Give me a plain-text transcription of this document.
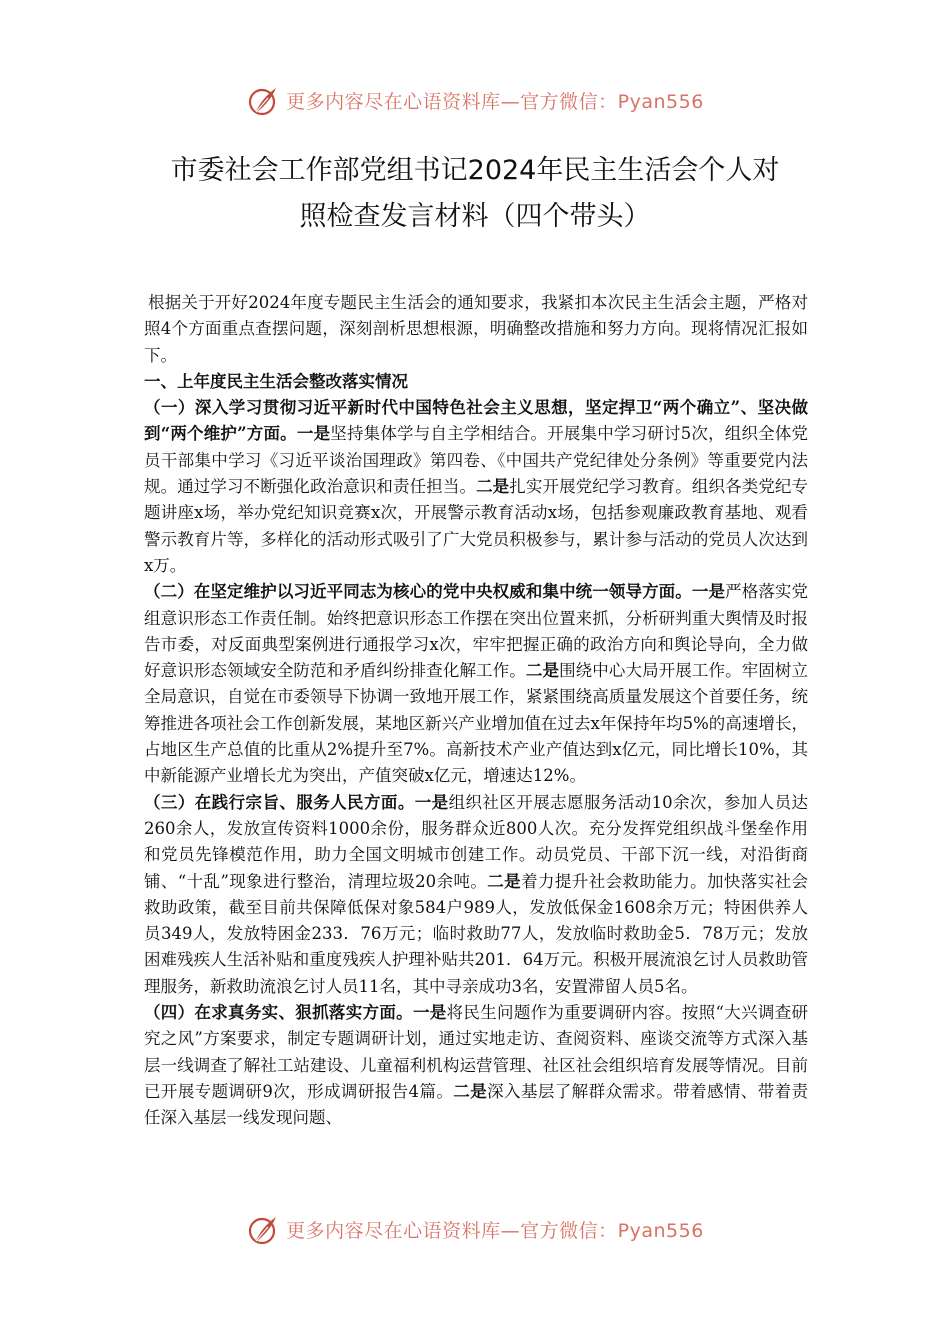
更多内容尽在心语资料库—官方微信：Pyan556
市委社会工作部党组书记2024年民主生活会个人对
照检查发言材料（四个带头）

根据关于开好2024年度专题民主生活会的通知要求，我紧扣本次民主生活会主题，严格对照4个方面重点查摆问题，深刻剖析思想根源，明确整改措施和努力方向。现将情况汇报如下。

一、上年度民主生活会整改落实情况

（一）深入学习贯彻习近平新时代中国特色社会主义思想，坚定捍卫“两个确立”、坚决做到“两个维护”方面。一是坚持集体学与自主学相结合。开展集中学习研讨5次，组织全体党员干部集中学习《习近平谈治国理政》第四卷、《中国共产党纪律处分条例》等重要党内法规。通过学习不断强化政治意识和责任担当。二是扎实开展党纪学习教育。组织各类党纪专题讲座x场，举办党纪知识竞赛x次，开展警示教育活动x场，包括参观廉政教育基地、观看警示教育片等，多样化的活动形式吸引了广大党员积极参与，累计参与活动的党员人次达到x万。

（二）在坚定维护以习近平同志为核心的党中央权威和集中统一领导方面。一是严格落实党组意识形态工作责任制。始终把意识形态工作摆在突出位置来抓，分析研判重大舆情及时报告市委，对反面典型案例进行通报学习x次，牢牢把握正确的政治方向和舆论导向，全力做好意识形态领域安全防范和矛盾纠纷排查化解工作。二是围绕中心大局开展工作。牢固树立全局意识，自觉在市委领导下协调一致地开展工作，紧紧围绕高质量发展这个首要任务，统筹推进各项社会工作创新发展，某地区新兴产业增加值在过去x年保持年均5%的高速增长，占地区生产总值的比重从2%提升至7%。高新技术产业产值达到x亿元，同比增长10%，其中新能源产业增长尤为突出，产值突破x亿元，增速达12%。

（三）在践行宗旨、服务人民方面。一是组织社区开展志愿服务活动10余次，参加人员达260余人，发放宣传资料1000余份，服务群众近800人次。充分发挥党组织战斗堡垒作用和党员先锋模范作用，助力全国文明城市创建工作。动员党员、干部下沉一线，对沿街商铺、“十乱”现象进行整治，清理垃圾20余吨。二是着力提升社会救助能力。加快落实社会救助政策，截至目前共保障低保对象584户989人，发放低保金1608余万元；特困供养人员349人，发放特困金233．76万元；临时救助77人，发放临时救助金5．78万元；发放困难残疾人生活补贴和重度残疾人护理补贴共201．64万元。积极开展流浪乞讨人员救助管理服务，新救助流浪乞讨人员11名，其中寻亲成功3名，安置滞留人员5名。

（四）在求真务实、狠抓落实方面。一是将民生问题作为重要调研内容。按照“大兴调查研究之风”方案要求，制定专题调研计划，通过实地走访、查阅资料、座谈交流等方式深入基层一线调查了解社工站建设、儿童福利机构运营管理、社区社会组织培育发展等情况。目前已开展专题调研9次，形成调研报告4篇。二是深入基层了解群众需求。带着感情、带着责任深入基层一线发现问题、

更多内容尽在心语资料库—官方微信：Pyan556
